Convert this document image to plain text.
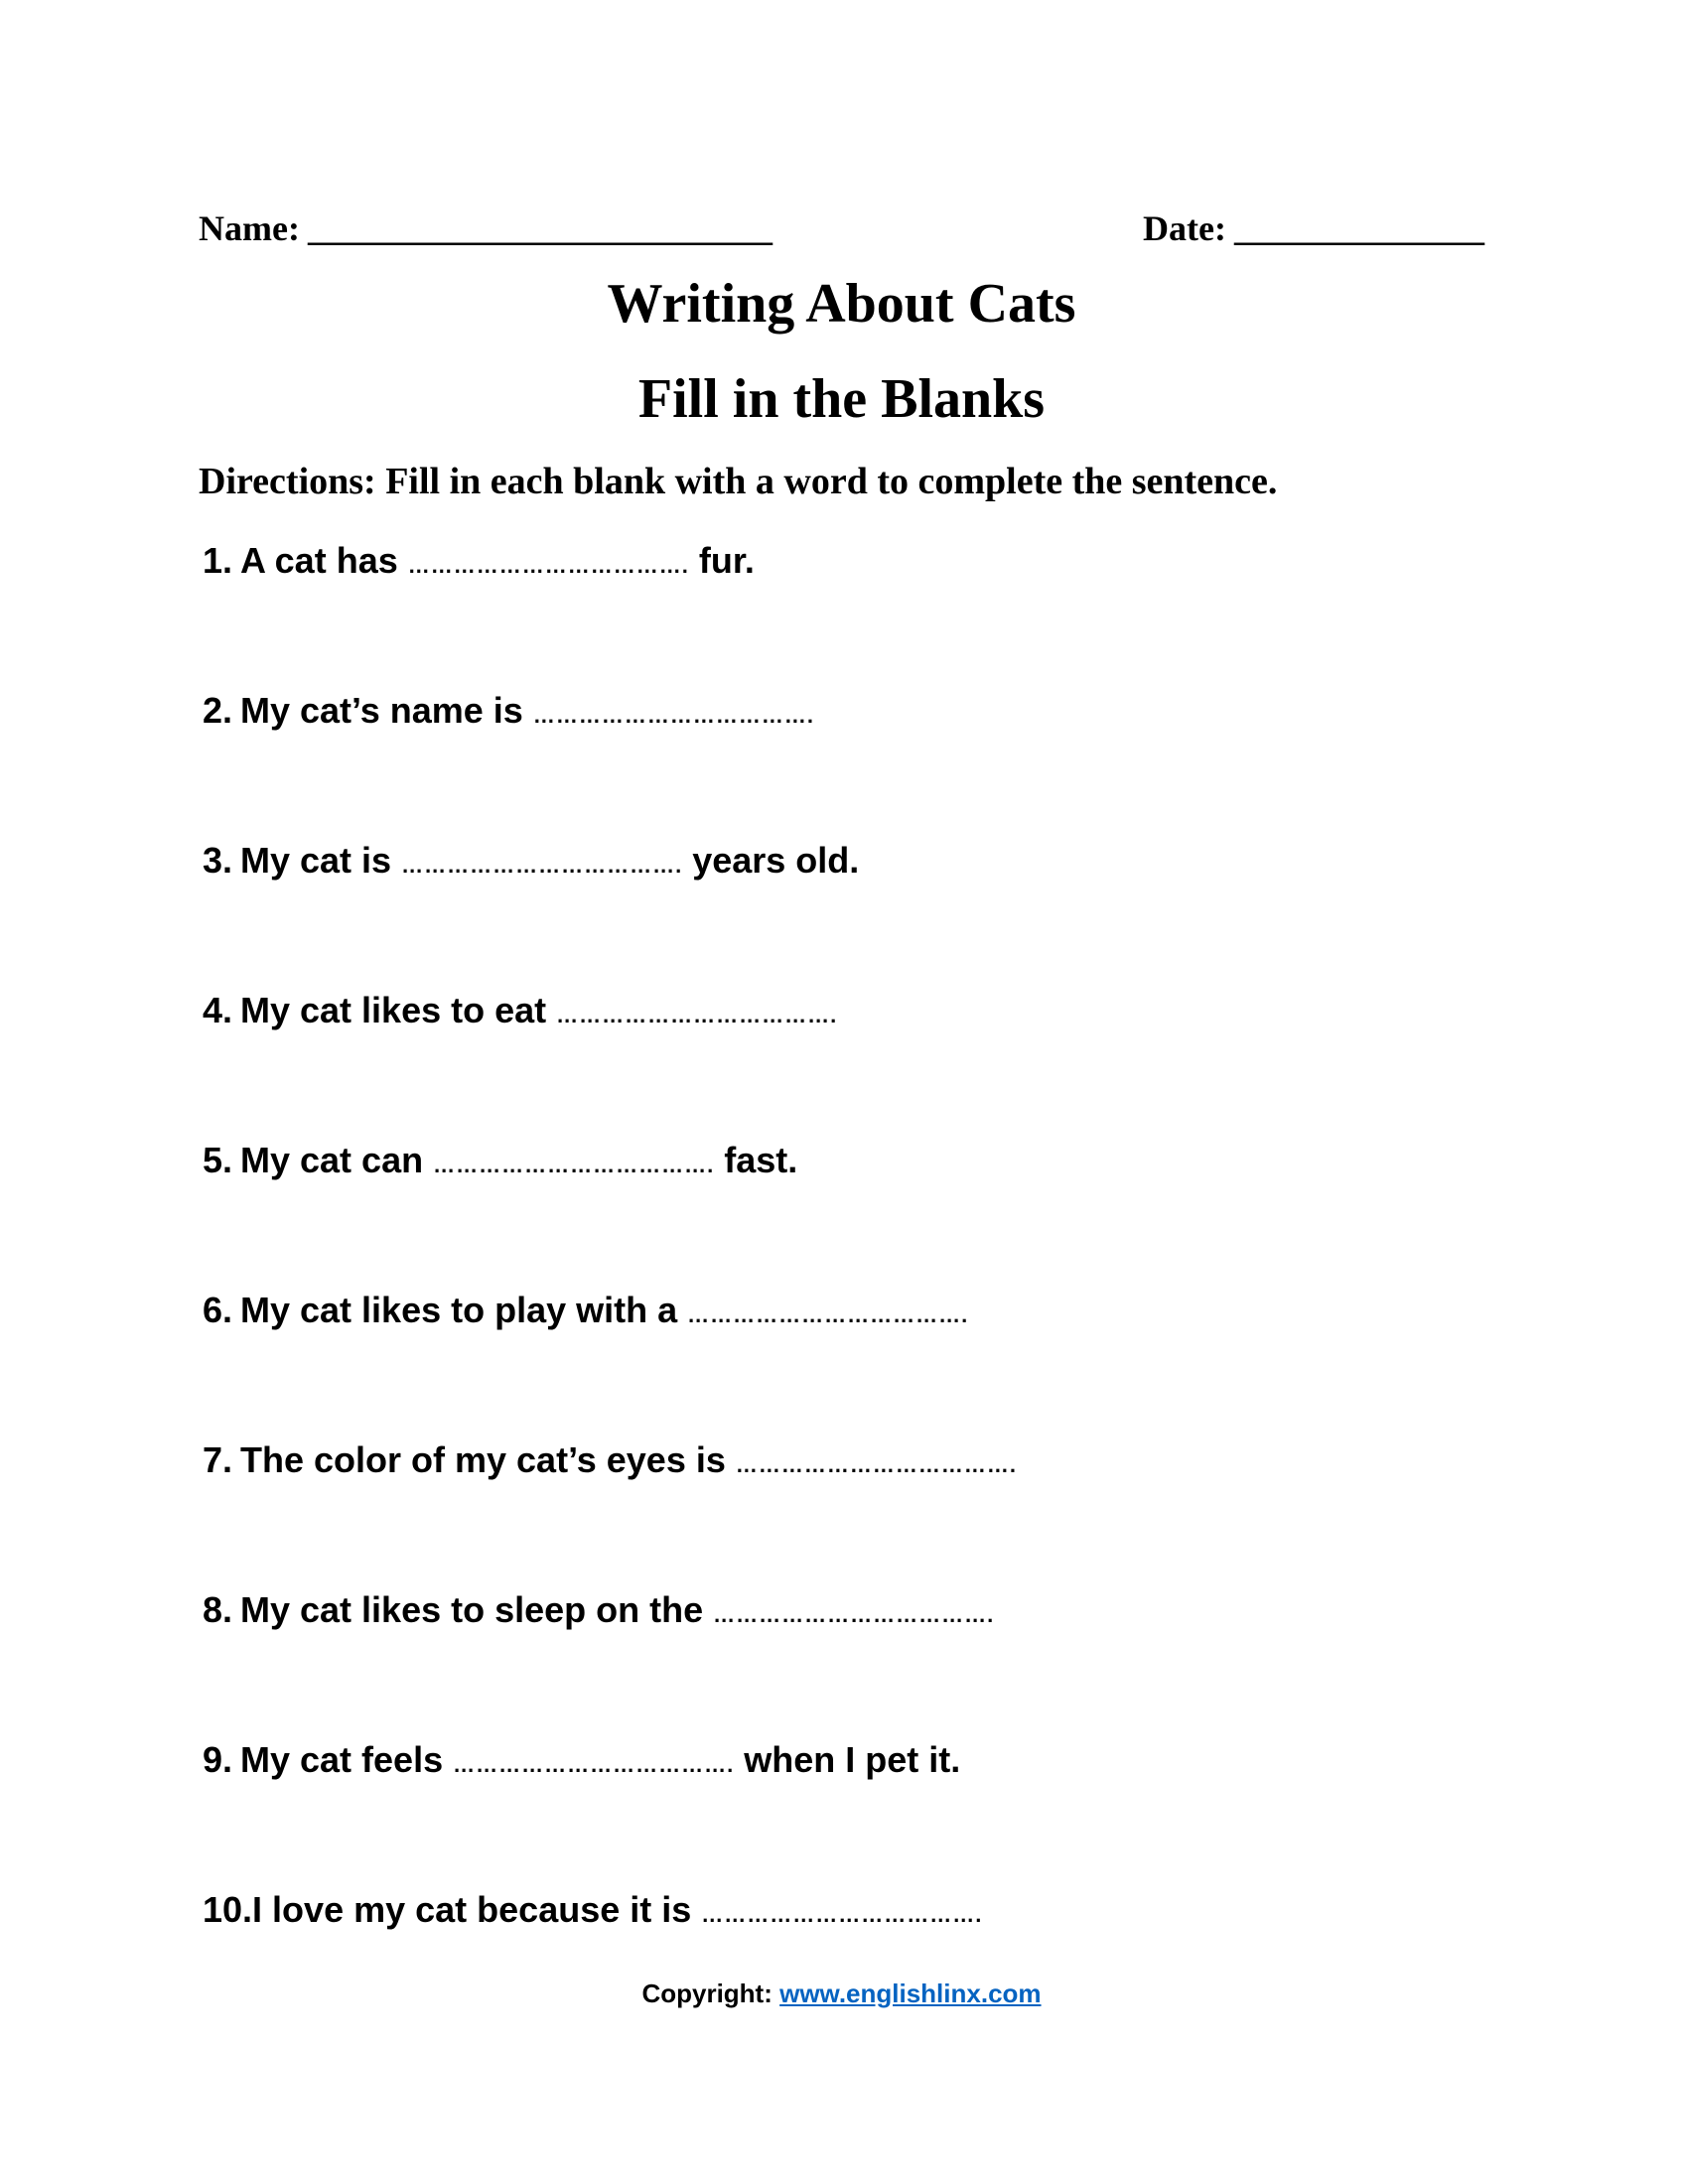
Name: __________________________	Date: ______________
Writing About Cats
Fill in the Blanks
Directions: Fill in each blank with a word to complete the sentence.
1. A cat has ………………………………. fur.
2. My cat’s name is ……………………………….
3. My cat is ………………………………. years old.
4. My cat likes to eat ……………………………….
5. My cat can ………………………………. fast.
6. My cat likes to play with a ……………………………….
7. The color of my cat’s eyes is ……………………………….
8. My cat likes to sleep on the ……………………………….
9. My cat feels ………………………………. when I pet it.
10.I love my cat because it is ……………………………….
Copyright: www.englishlinx.com
